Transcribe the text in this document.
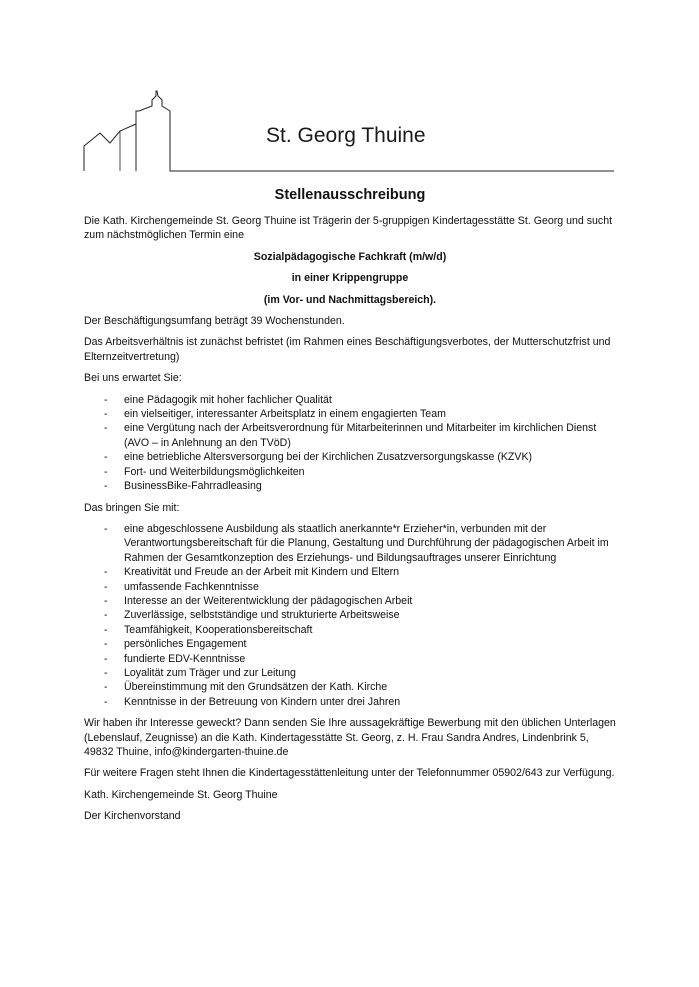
St. Georg Thuine
Stellenausschreibung

Die Kath. Kirchengemeinde St. Georg Thuine ist Trägerin der 5-gruppigen Kindertagesstätte St. Georg und sucht zum nächstmöglichen Termin eine

Sozialpädagogische Fachkraft (m/w/d)
in einer Krippengruppe
(im Vor- und Nachmittagsbereich).

Der Beschäftigungsumfang beträgt 39 Wochenstunden.

Das Arbeitsverhältnis ist zunächst befristet (im Rahmen eines Beschäftigungsverbotes, der Mutterschutzfrist und Elternzeitvertretung)

Bei uns erwartet Sie:

- eine Pädagogik mit hoher fachlicher Qualität
- ein vielseitiger, interessanter Arbeitsplatz in einem engagierten Team
- eine Vergütung nach der Arbeitsverordnung für Mitarbeiterinnen und Mitarbeiter im kirchlichen Dienst (AVO – in Anlehnung an den TVöD)
- eine betriebliche Altersversorgung bei der Kirchlichen Zusatzversorgungskasse (KZVK)
- Fort- und Weiterbildungsmöglichkeiten
- BusinessBike-Fahrradleasing

Das bringen Sie mit:

- eine abgeschlossene Ausbildung als staatlich anerkannte*r Erzieher*in, verbunden mit der Verantwortungsbereitschaft für die Planung, Gestaltung und Durchführung der pädagogischen Arbeit im Rahmen der Gesamtkonzeption des Erziehungs- und Bildungsauftrages unserer Einrichtung
- Kreativität und Freude an der Arbeit mit Kindern und Eltern
- umfassende Fachkenntnisse
- Interesse an der Weiterentwicklung der pädagogischen Arbeit
- Zuverlässige, selbstständige und strukturierte Arbeitsweise
- Teamfähigkeit, Kooperationsbereitschaft
- persönliches Engagement
- fundierte EDV-Kenntnisse
- Loyalität zum Träger und zur Leitung
- Übereinstimmung mit den Grundsätzen der Kath. Kirche
- Kenntnisse in der Betreuung von Kindern unter drei Jahren

Wir haben ihr Interesse geweckt? Dann senden Sie Ihre aussagekräftige Bewerbung mit den üblichen Unterlagen (Lebenslauf, Zeugnisse) an die Kath. Kindertagesstätte St. Georg, z. H. Frau Sandra Andres, Lindenbrink 5, 49832 Thuine, info@kindergarten-thuine.de

Für weitere Fragen steht Ihnen die Kindertagesstättenleitung unter der Telefonnummer 05902/643 zur Verfügung.

Kath. Kirchengemeinde St. Georg Thuine

Der Kirchenvorstand
